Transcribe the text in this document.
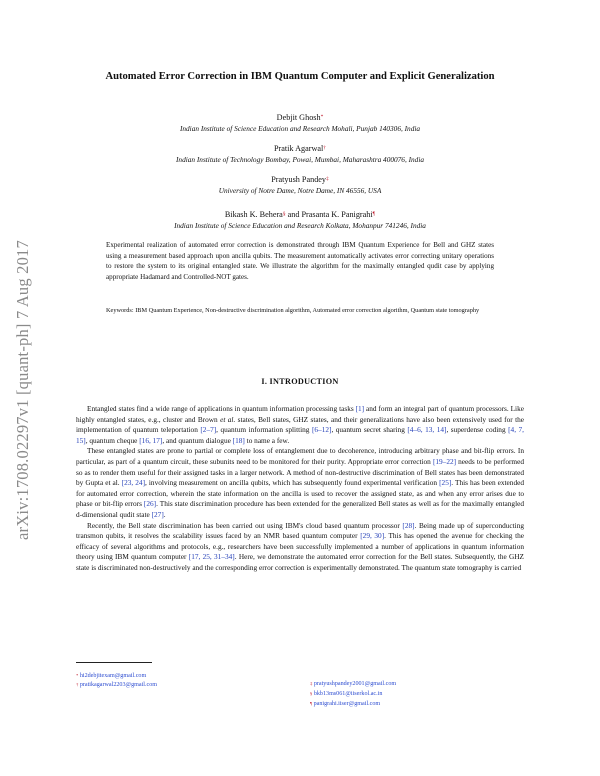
arXiv:1708.02297v1 [quant-ph] 7 Aug 2017
Automated Error Correction in IBM Quantum Computer and Explicit Generalization
Debjit Ghosh*
Indian Institute of Science Education and Research Mohali, Punjab 140306, India
Pratik Agarwal†
Indian Institute of Technology Bombay, Powai, Mumbai, Maharashtra 400076, India
Pratyush Pandey‡
University of Notre Dame, Notre Dame, IN 46556, USA
Bikash K. Behera§ and Prasanta K. Panigrahi¶
Indian Institute of Science Education and Research Kolkata, Mohanpur 741246, India
Experimental realization of automated error correction is demonstrated through IBM Quantum Experience for Bell and GHZ states using a measurement based approach upon ancilla qubits. The measurement automatically activates error correcting unitary operations to restore the system to its original entangled state. We illustrate the algorithm for the maximally entangled qudit case by applying appropriate Hadamard and Controlled-NOT gates.
Keywords: IBM Quantum Experience, Non-destructive discrimination algorithm, Automated error correction algorithm, Quantum state tomography
I. INTRODUCTION

Entangled states find a wide range of applications in quantum information processing tasks [1] and form an integral part of quantum processors. Like highly entangled states, e.g., cluster and Brown et al. states, Bell states, GHZ states, and their generalizations have also been extensively used for the implementation of quantum teleportation [2–7], quantum information splitting [6–12], quantum secret sharing [4–6, 13, 14], superdense coding [4, 7, 15], quantum cheque [16, 17], and quantum dialogue [18] to name a few.

These entangled states are prone to partial or complete loss of entanglement due to decoherence, introducing arbitrary phase and bit-flip errors. In particular, as part of a quantum circuit, these subunits need to be monitored for their purity. Appropriate error correction [19–22] needs to be performed so as to render them useful for their assigned tasks in a larger network. A method of non-destructive discrimination of Bell states has been demonstrated by Gupta et al. [23, 24], involving measurement on ancilla qubits, which has subsequently found experimental verification [25]. This has been extended for automated error correction, wherein the state information on the ancilla is used to recover the assigned state, as and when any error arises due to phase or bit-flip errors [26]. This state discrimination procedure has been extended for the generalized Bell states as well as for the maximally entangled d-dimensional qudit state [27].

Recently, the Bell state discrimination has been carried out using IBM's cloud based quantum processor [28]. Being made up of superconducting transmon qubits, it resolves the scalability issues faced by an NMR based quantum computer [29, 30]. This has opened the avenue for checking the efficacy of several algorithms and protocols, e.g., researchers have been successfully implemented a number of applications in quantum information theory using IBM quantum computer [17, 25, 31–34]. Here, we demonstrate the automated error correction for the Bell states. Subsequently, the GHZ state is discriminated non-destructively and the corresponding error correction is experimentally demonstrated. The quantum state tomography is carried

* hi2debjitexam@gmail.com
† pratikagarwal2203@gmail.com	‡ pratyushpandey2001@gmail.com
§ bkb13ms061@iiserkol.ac.in
¶ panigrahi.iiser@gmail.com
